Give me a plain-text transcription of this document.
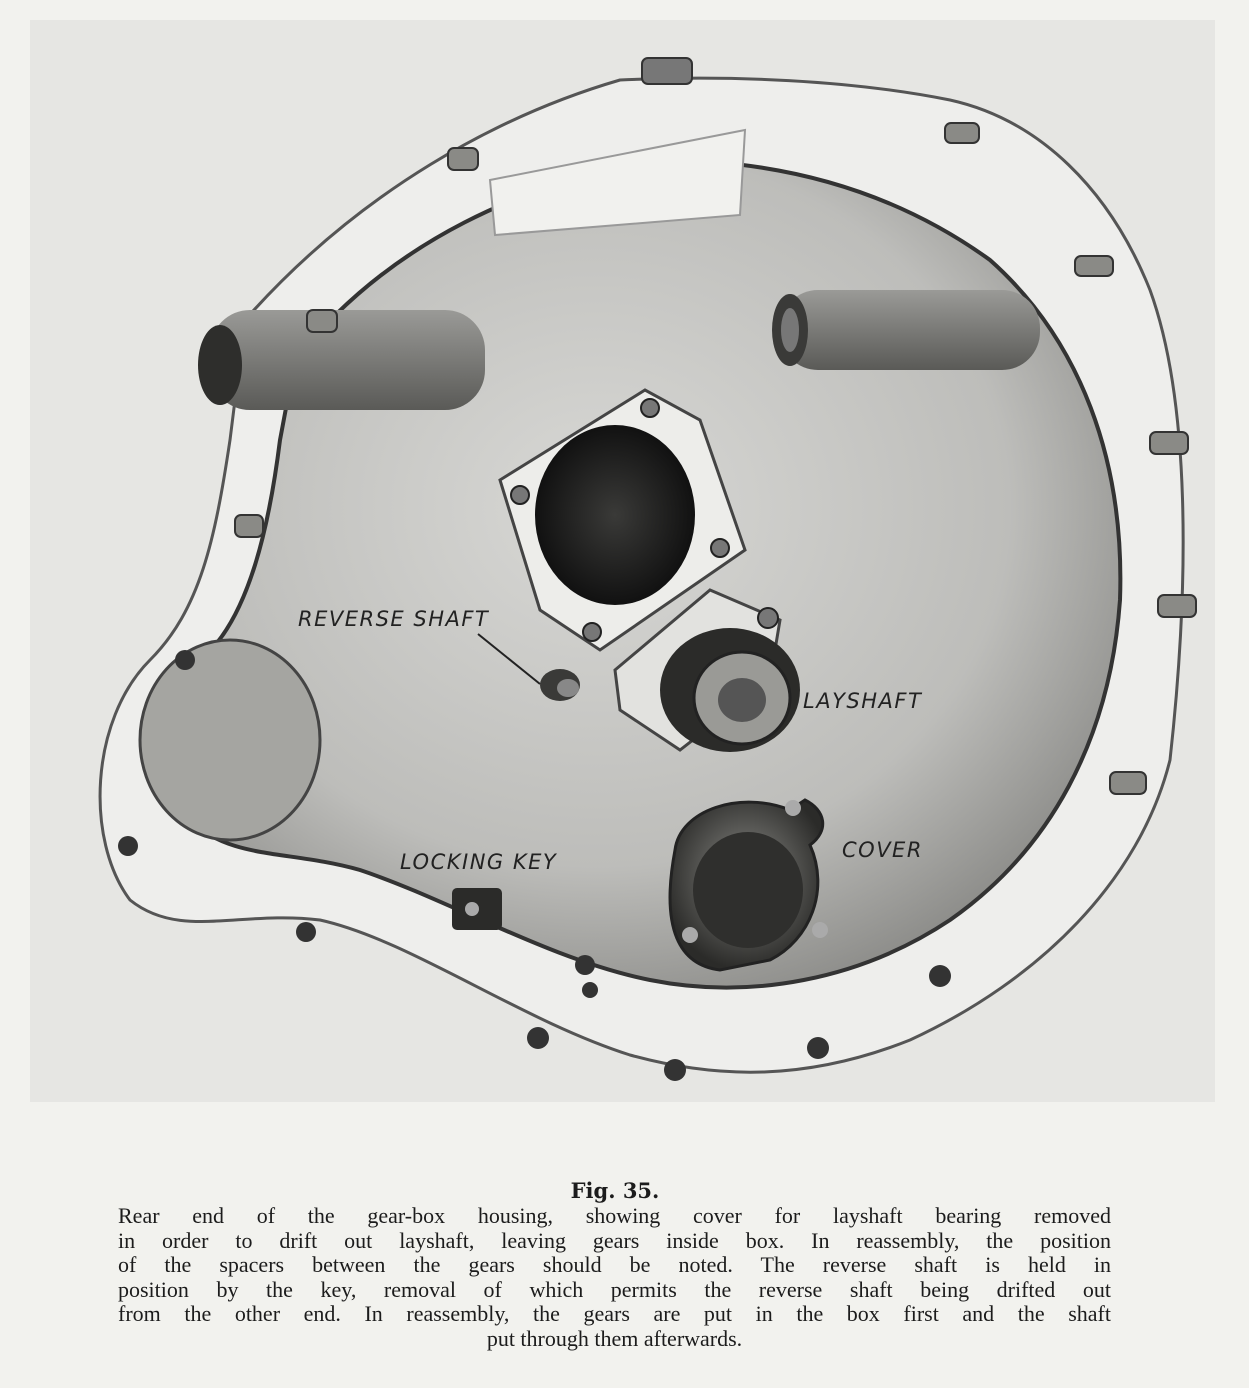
REVERSE SHAFT
LAYSHAFT
LOCKING KEY	COVER
Fig. 35.
Rear end of the gear-box housing, showing cover for layshaft bearing removed
in order to drift out layshaft, leaving gears inside box. In reassembly, the position
of the spacers between the gears should be noted. The reverse shaft is held in
position by the key, removal of which permits the reverse shaft being drifted out
from the other end. In reassembly, the gears are put in the box first and the shaft
put through them afterwards.
